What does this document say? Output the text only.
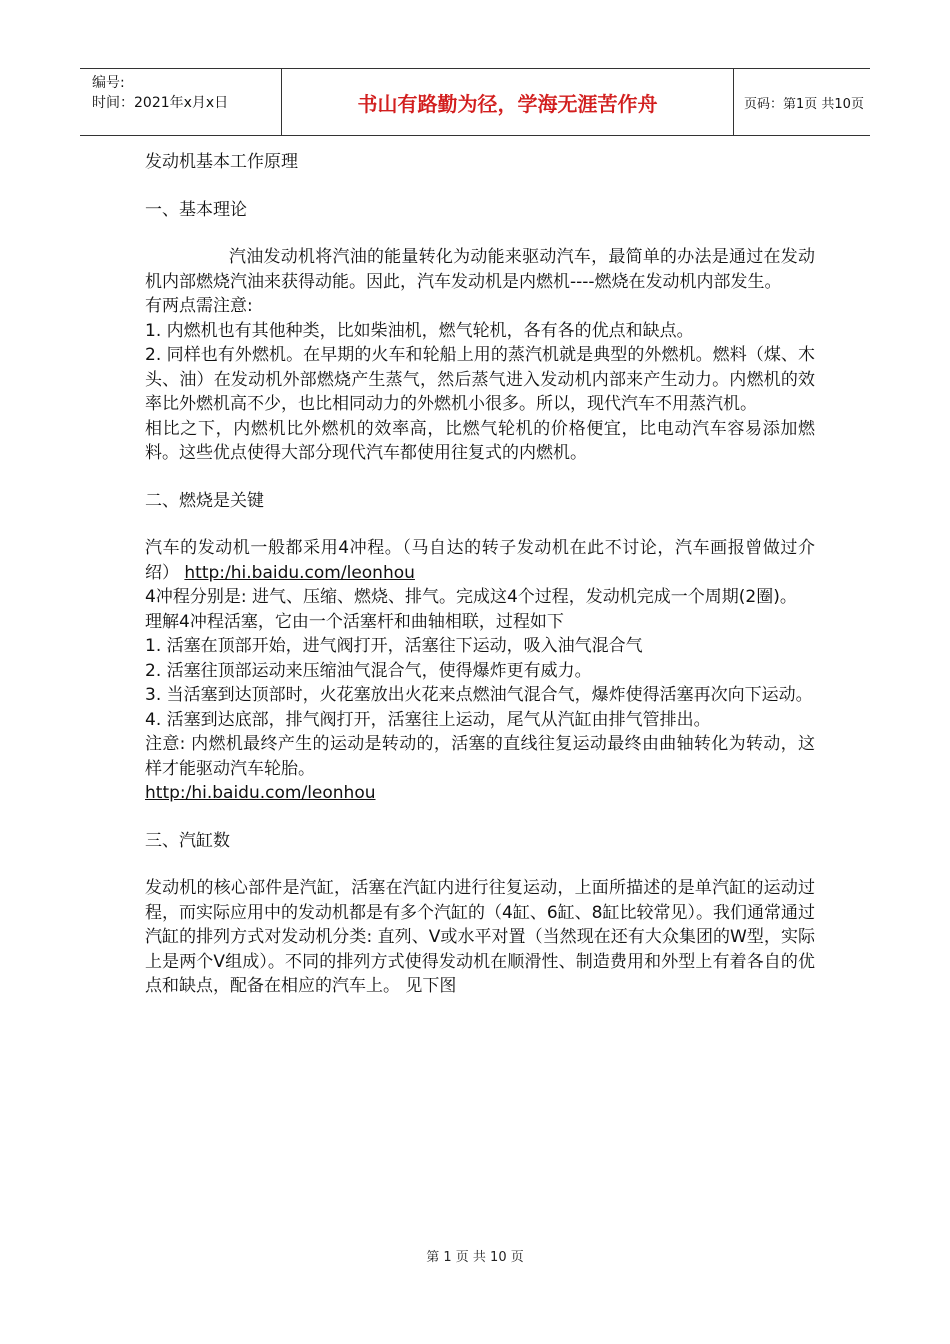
编号:
时间：2021年x月x日	书山有路勤为径，学海无涯苦作舟	页码：第1页 共10页

发动机基本工作原理

一、基本理论

汽油发动机将汽油的能量转化为动能来驱动汽车，最简单的办法是通过在发动机内部燃烧汽油来获得动能。因此，汽车发动机是内燃机----燃烧在发动机内部发生。

有两点需注意:

1. 内燃机也有其他种类，比如柴油机，燃气轮机，各有各的优点和缺点。

2. 同样也有外燃机。在早期的火车和轮船上用的蒸汽机就是典型的外燃机。燃料（煤、木头、油）在发动机外部燃烧产生蒸气，然后蒸气进入发动机内部来产生动力。内燃机的效率比外燃机高不少，也比相同动力的外燃机小很多。所以，现代汽车不用蒸汽机。

相比之下，内燃机比外燃机的效率高，比燃气轮机的价格便宜，比电动汽车容易添加燃料。这些优点使得大部分现代汽车都使用往复式的内燃机。

二、燃烧是关键

汽车的发动机一般都采用4冲程。（马自达的转子发动机在此不讨论，汽车画报曾做过介绍） http:/hi.baidu.com/leonhou

4冲程分别是: 进气、压缩、燃烧、排气。完成这4个过程，发动机完成一个周期(2圈)。

理解4冲程活塞，它由一个活塞杆和曲轴相联，过程如下

1. 活塞在顶部开始，进气阀打开，活塞往下运动，吸入油气混合气

2. 活塞往顶部运动来压缩油气混合气，使得爆炸更有威力。

3. 当活塞到达顶部时，火花塞放出火花来点燃油气混合气，爆炸使得活塞再次向下运动。

4. 活塞到达底部，排气阀打开，活塞往上运动，尾气从汽缸由排气管排出。

注意: 内燃机最终产生的运动是转动的，活塞的直线往复运动最终由曲轴转化为转动，这样才能驱动汽车轮胎。

http:/hi.baidu.com/leonhou

三、汽缸数

发动机的核心部件是汽缸，活塞在汽缸内进行往复运动，上面所描述的是单汽缸的运动过程，而实际应用中的发动机都是有多个汽缸的（4缸、6缸、8缸比较常见）。我们通常通过汽缸的排列方式对发动机分类: 直列、V或水平对置（当然现在还有大众集团的W型，实际上是两个V组成）。不同的排列方式使得发动机在顺滑性、制造费用和外型上有着各自的优点和缺点，配备在相应的汽车上。 见下图

第 1 页 共 10 页
